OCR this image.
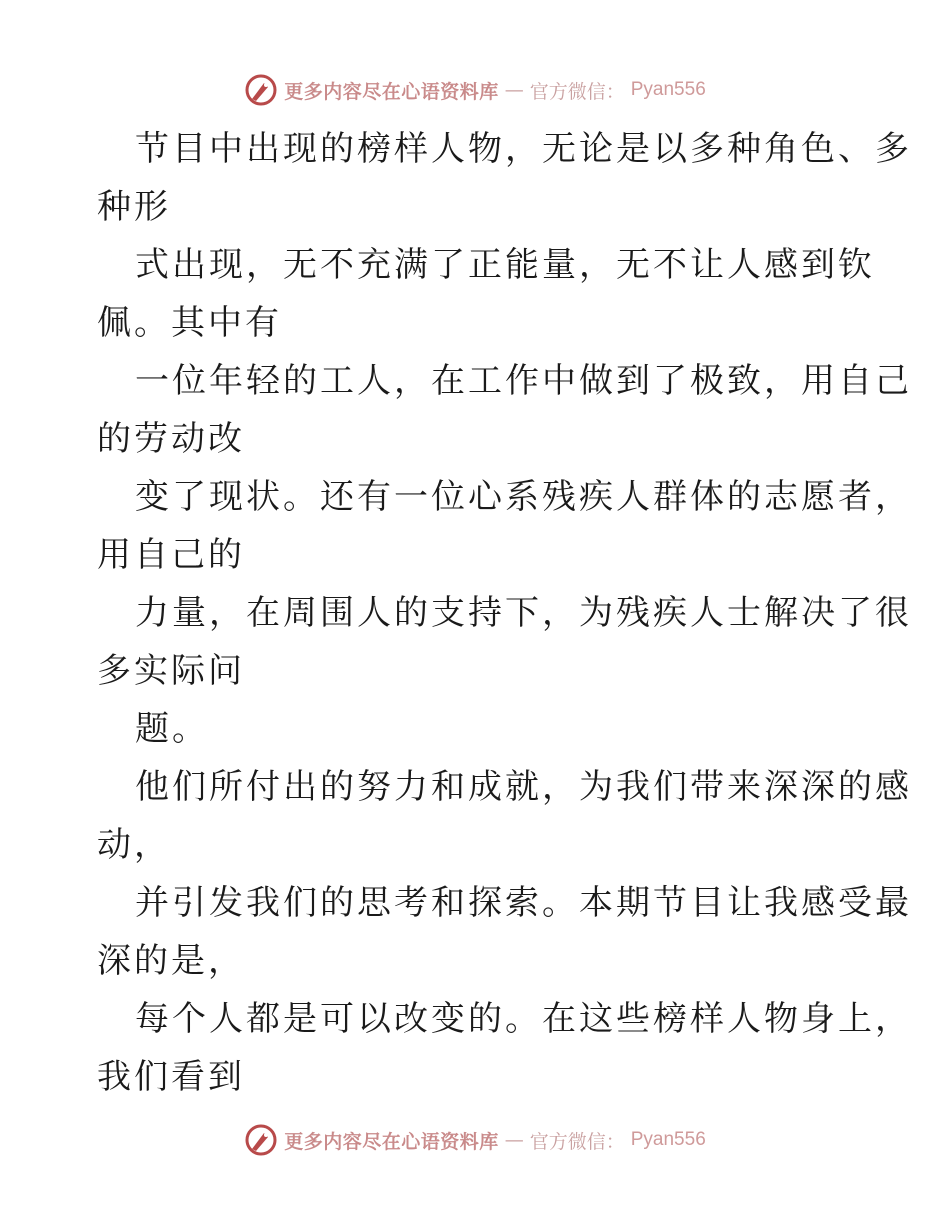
更多内容尽在心语资料库 — 官方微信： Pyan556
节目中出现的榜样人物，无论是以多种角色、多
种形
式出现，无不充满了正能量，无不让人感到钦
佩。其中有
一位年轻的工人，在工作中做到了极致，用自己
的劳动改
变了现状。还有一位心系残疾人群体的志愿者，
用自己的
力量，在周围人的支持下，为残疾人士解决了很
多实际问
题。
他们所付出的努力和成就，为我们带来深深的感
动，
并引发我们的思考和探索。本期节目让我感受最
深的是，
每个人都是可以改变的。在这些榜样人物身上，
我们看到
更多内容尽在心语资料库 — 官方微信： Pyan556
